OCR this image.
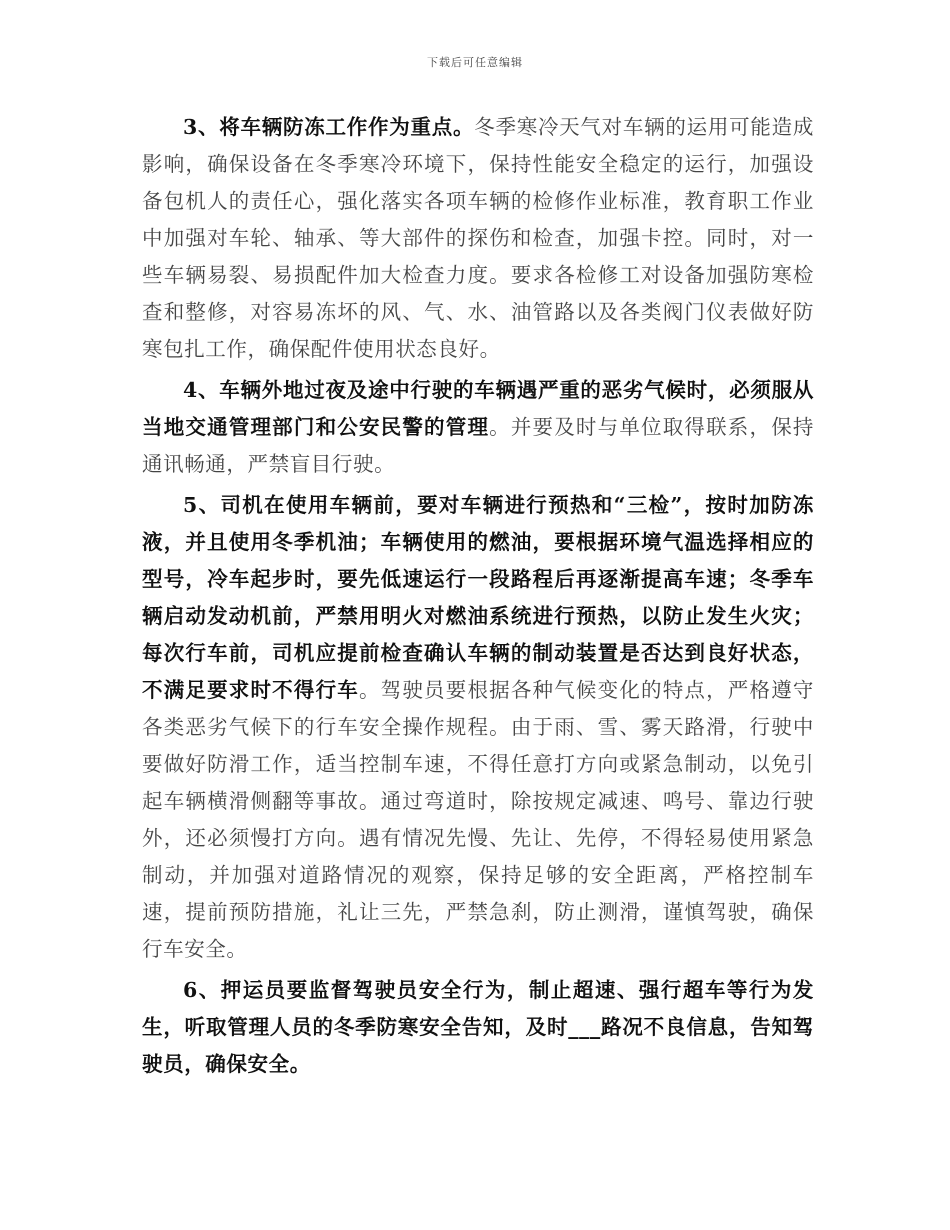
下载后可任意编辑

3、将车辆防冻工作作为重点。冬季寒冷天气对车辆的运用可能造成影响，确保设备在冬季寒冷环境下，保持性能安全稳定的运行，加强设备包机人的责任心，强化落实各项车辆的检修作业标准，教育职工作业中加强对车轮、轴承、等大部件的探伤和检查，加强卡控。同时，对一些车辆易裂、易损配件加大检查力度。要求各检修工对设备加强防寒检查和整修，对容易冻坏的风、气、水、油管路以及各类阀门仪表做好防寒包扎工作，确保配件使用状态良好。

4、车辆外地过夜及途中行驶的车辆遇严重的恶劣气候时，必须服从当地交通管理部门和公安民警的管理。并要及时与单位取得联系，保持通讯畅通，严禁盲目行驶。

5、司机在使用车辆前，要对车辆进行预热和“三检”，按时加防冻液，并且使用冬季机油；车辆使用的燃油，要根据环境气温选择相应的型号，冷车起步时，要先低速运行一段路程后再逐渐提高车速；冬季车辆启动发动机前，严禁用明火对燃油系统进行预热，以防止发生火灾；每次行车前，司机应提前检查确认车辆的制动装置是否达到良好状态，不满足要求时不得行车。驾驶员要根据各种气候变化的特点，严格遵守各类恶劣气候下的行车安全操作规程。由于雨、雪、雾天路滑，行驶中要做好防滑工作，适当控制车速，不得任意打方向或紧急制动，以免引起车辆横滑侧翻等事故。通过弯道时，除按规定减速、鸣号、靠边行驶外，还必须慢打方向。遇有情况先慢、先让、先停，不得轻易使用紧急制动，并加强对道路情况的观察，保持足够的安全距离，严格控制车速，提前预防措施，礼让三先，严禁急刹，防止测滑，谨慎驾驶，确保行车安全。

6、押运员要监督驾驶员安全行为，制止超速、强行超车等行为发生，听取管理人员的冬季防寒安全告知，及时___路况不良信息，告知驾驶员，确保安全。
